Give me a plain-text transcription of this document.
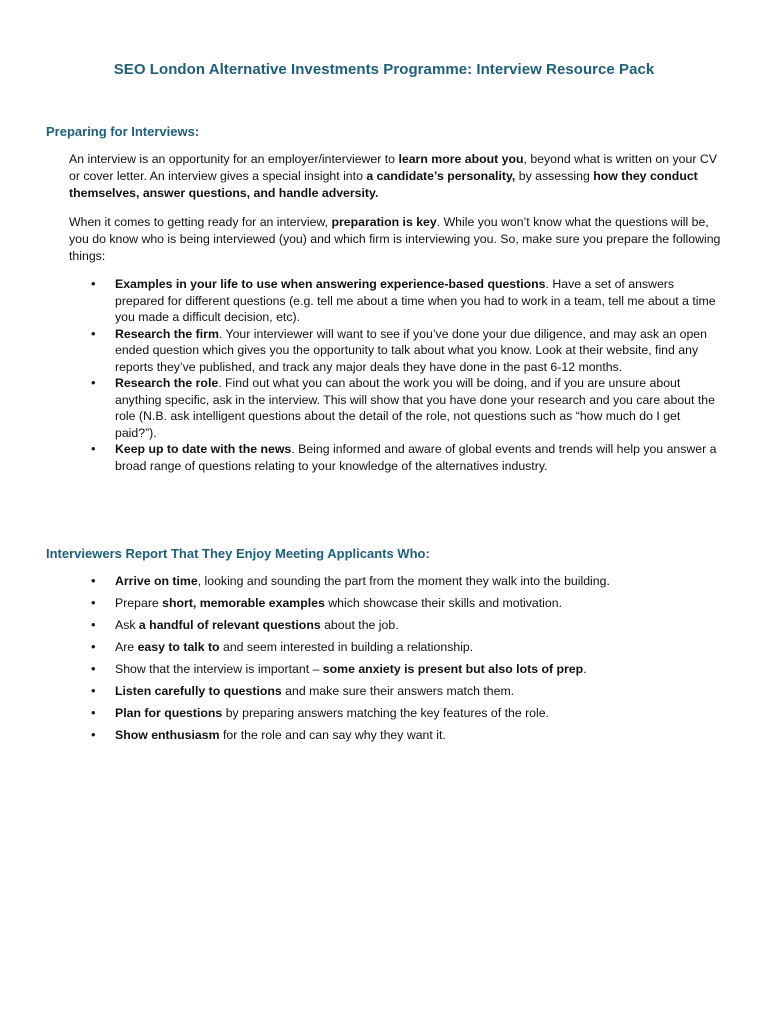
SEO London Alternative Investments Programme: Interview Resource Pack
Preparing for Interviews:

An interview is an opportunity for an employer/interviewer to learn more about you, beyond what is written on your CV or cover letter. An interview gives a special insight into a candidate’s personality, by assessing how they conduct themselves, answer questions, and handle adversity.

When it comes to getting ready for an interview, preparation is key. While you won’t know what the questions will be, you do know who is being interviewed (you) and which firm is interviewing you. So, make sure you prepare the following things:

• Examples in your life to use when answering experience-based questions. Have a set of answers prepared for different questions (e.g. tell me about a time when you had to work in a team, tell me about a time you made a difficult decision, etc).
• Research the firm. Your interviewer will want to see if you’ve done your due diligence, and may ask an open ended question which gives you the opportunity to talk about what you know. Look at their website, find any reports they’ve published, and track any major deals they have done in the past 6-12 months.
• Research the role. Find out what you can about the work you will be doing, and if you are unsure about anything specific, ask in the interview. This will show that you have done your research and you care about the role (N.B. ask intelligent questions about the detail of the role, not questions such as “how much do I get paid?”).
• Keep up to date with the news. Being informed and aware of global events and trends will help you answer a broad range of questions relating to your knowledge of the alternatives industry.
Interviewers Report That They Enjoy Meeting Applicants Who:
• Arrive on time, looking and sounding the part from the moment they walk into the building.
• Prepare short, memorable examples which showcase their skills and motivation.
• Ask a handful of relevant questions about the job.
• Are easy to talk to and seem interested in building a relationship.
• Show that the interview is important – some anxiety is present but also lots of prep.
• Listen carefully to questions and make sure their answers match them.
• Plan for questions by preparing answers matching the key features of the role.
• Show enthusiasm for the role and can say why they want it.
